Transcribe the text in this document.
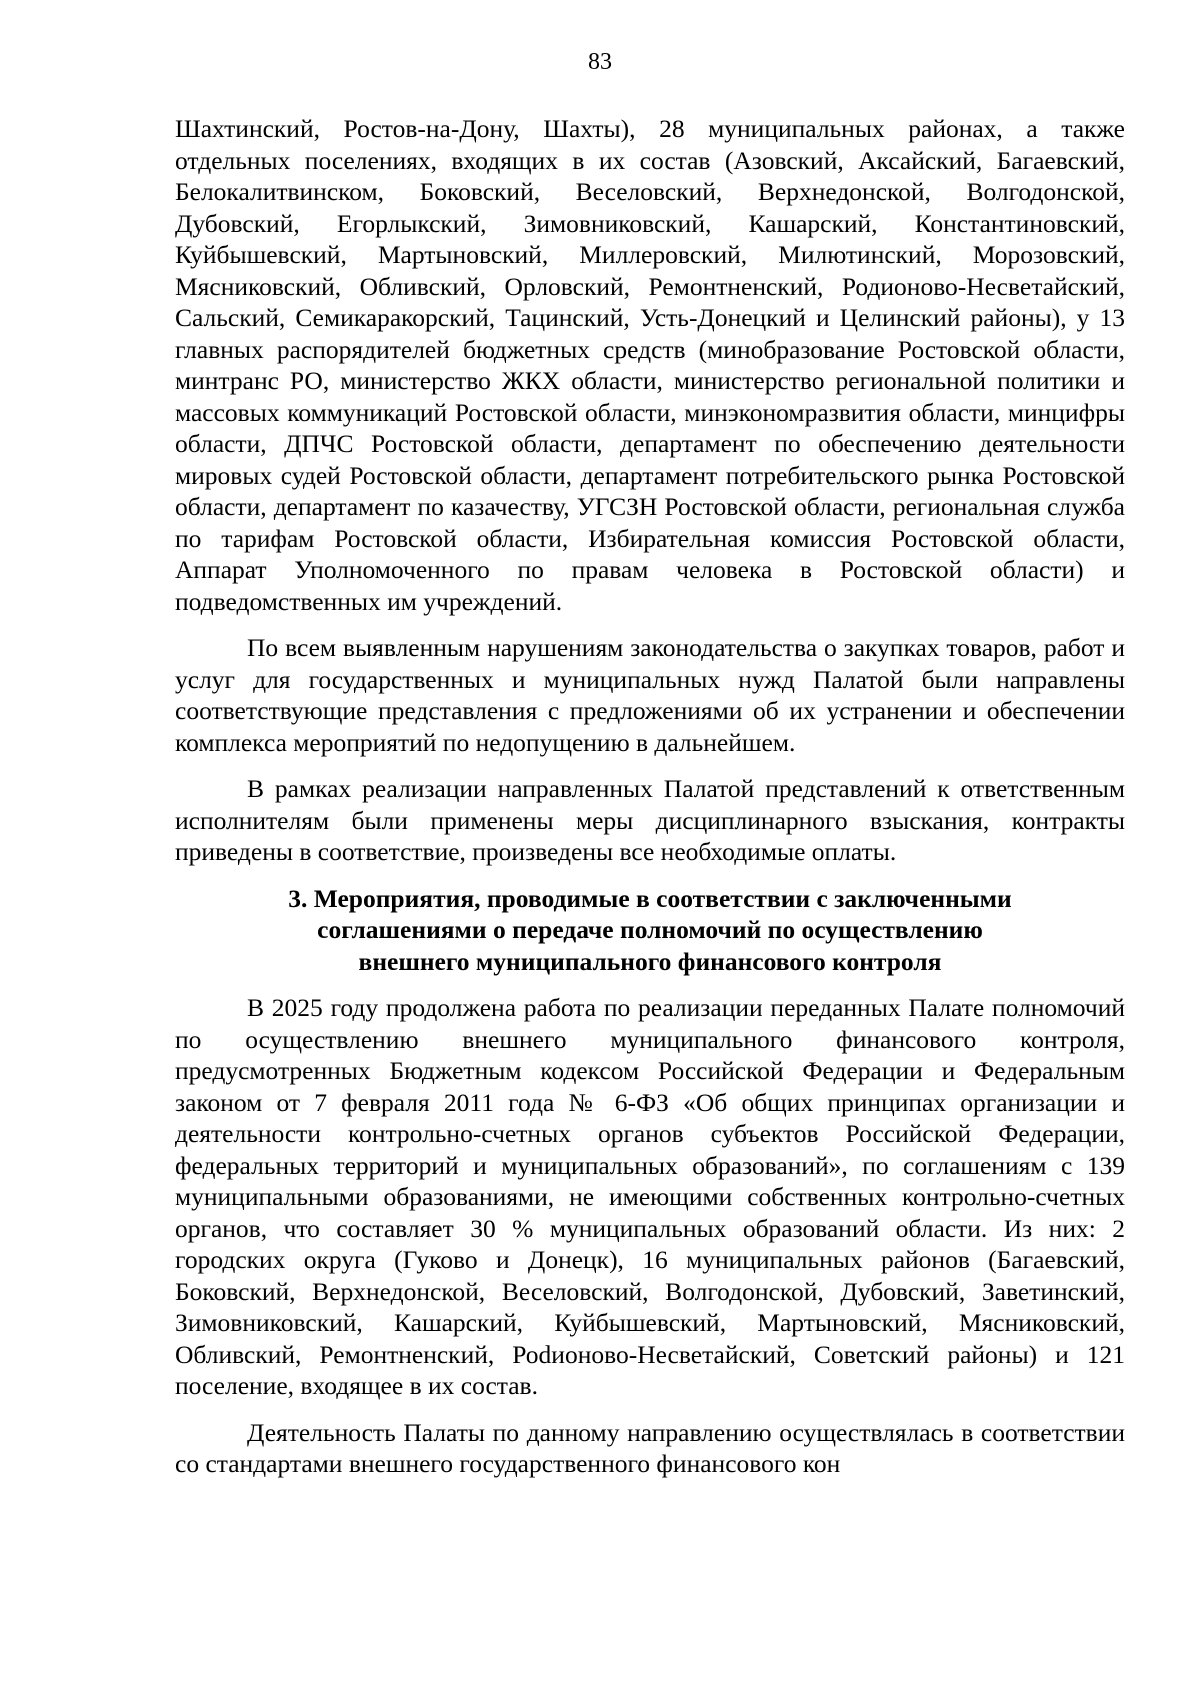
83

Шахтинский, Ростов-на-Дону, Шахты), 28 муниципальных районах, а также отдельных поселениях, входящих в их состав (Азовский, Аксайский, Багаевский, Белокалитвинском, Боковский, Веселовский, Верхнедонской, Волгодонской, Дубовский, Егорлыкский, Зимовниковский, Кашарский, Константиновский, Куйбышевский, Мартыновский, Миллеровский, Милютинский, Морозовский, Мясниковский, Обливский, Орловский, Ремонтненский, Родионово-Несветайский, Сальский, Семикаракорский, Тацинский, Усть-Донецкий и Целинский районы), у 13 главных распорядителей бюджетных средств (минобразование Ростовской области, минтранс РО, министерство ЖКХ области, министерство региональной политики и массовых коммуникаций Ростовской области, минэкономразвития области, минцифры области, ДПЧС Ростовской области, департамент по обеспечению деятельности мировых судей Ростовской области, департамент потребительского рынка Ростовской области, департамент по казачеству, УГСЗН Ростовской области, региональная служба по тарифам Ростовской области, Избирательная комиссия Ростовской области, Аппарат Уполномоченного по правам человека в Ростовской области) и подведомственных им учреждений.

По всем выявленным нарушениям законодательства о закупках товаров, работ и услуг для государственных и муниципальных нужд Палатой были направлены соответствующие представления с предложениями об их устранении и обеспечении комплекса мероприятий по недопущению в дальнейшем.

В рамках реализации направленных Палатой представлений к ответственным исполнителям были применены меры дисциплинарного взыскания, контракты приведены в соответствие, произведены все необходимые оплаты.

3. Мероприятия, проводимые в соответствии с заключенными
соглашениями о передаче полномочий по осуществлению
внешнего муниципального финансового контроля

В 2025 году продолжена работа по реализации переданных Палате полномочий по осуществлению внешнего муниципального финансового контроля, предусмотренных Бюджетным кодексом Российской Федерации и Федеральным законом от 7 февраля 2011 года № 6-ФЗ «Об общих принципах организации и деятельности контрольно-счетных органов субъектов Российской Федерации, федеральных территорий и муниципальных образований», по соглашениям с 139 муниципальными образованиями, не имеющими собственных контрольно-счетных органов, что составляет 30 % муниципальных образований области. Из них: 2 городских округа (Гуково и Донецк), 16 муниципальных районов (Багаевский, Боковский, Верхнедонской, Веселовский, Волгодонской, Дубовский, Заветинский, Зимовниковский, Кашарский, Куйбышевский, Мартыновский, Мясниковский, Обливский, Ремонтненский, Роdионово-Несветайский, Советский районы) и 121 поселение, входящее в их состав.

Деятельность Палаты по данному направлению осуществлялась в соответствии со стандартами внешнего государственного финансового кон
